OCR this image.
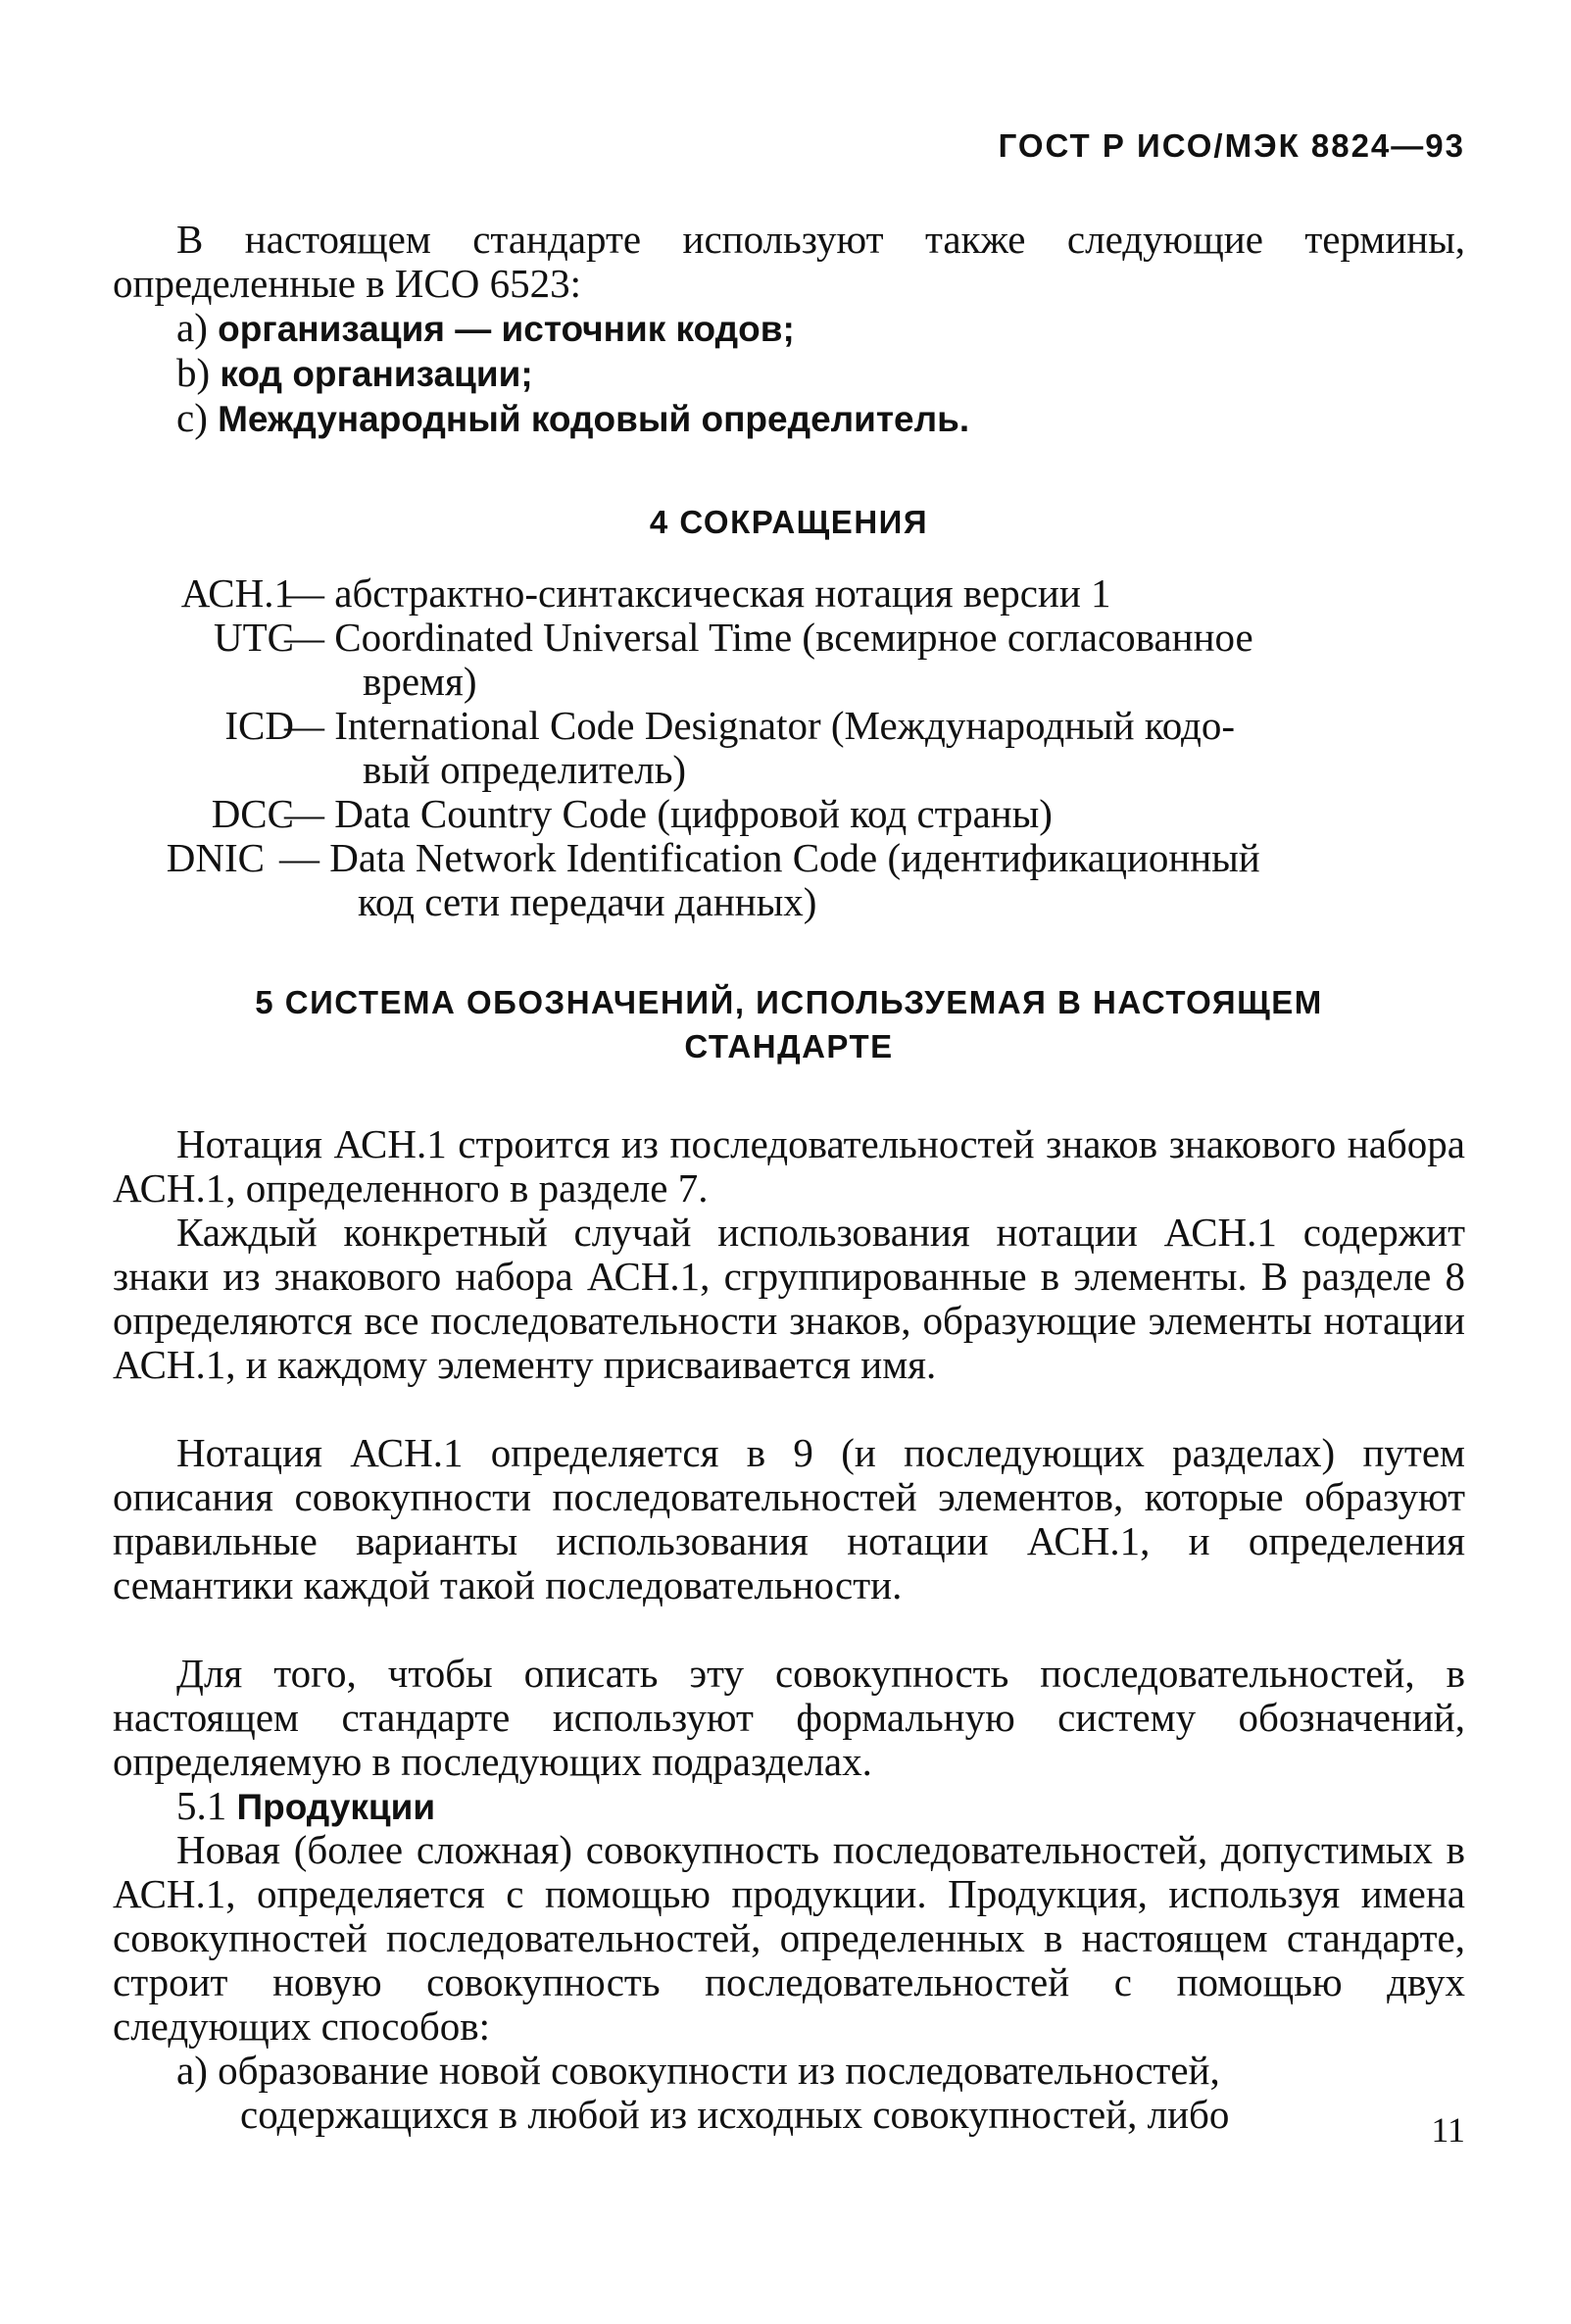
ГОСТ Р ИСО/МЭК 8824—93
В настоящем стандарте используют также следующие термины, определенные в ИСО 6523:
a) организация — источник кодов;
b) код организации;
c) Международный кодовый определитель.
4 СОКРАЩЕНИЯ
АСН.1
— абстрактно-синтаксическая нотация версии 1
UTC
— Coordinated Universal Time (всемирное согласованное
время)
ICD
— International Code Designator (Международный кодо-
вый определитель)
DCC
— Data Country Code (цифровой код страны)
DNIC — Data Network Identification Code (идентификационный
код сети передачи данных)
5 СИСТЕМА ОБОЗНАЧЕНИЙ, ИСПОЛЬЗУЕМАЯ В НАСТОЯЩЕМ
СТАНДАРТЕ
Нотация АСН.1 строится из последовательностей знаков знакового набора АСН.1, определенного в разделе 7.
Каждый конкретный случай использования нотации АСН.1 содержит знаки из знакового набора АСН.1, сгруппированные в элементы. В разделе 8 определяются все последовательности знаков, образующие элементы нотации АСН.1, и каждому элементу присваивается имя.
Нотация АСН.1 определяется в 9 (и последующих разделах) путем описания совокупности последовательностей элементов, которые образуют правильные варианты использования нотации АСН.1, и определения семантики каждой такой последовательности.
Для того, чтобы описать эту совокупность последовательностей, в настоящем стандарте используют формальную систему обозначений, определяемую в последующих подразделах.
5.1 Продукции
Новая (более сложная) совокупность последовательностей, допустимых в АСН.1, определяется с помощью продукции. Продукция, используя имена совокупностей последовательностей, определенных в настоящем стандарте, строит новую совокупность последовательностей с помощью двух следующих способов:
а) образование новой совокупности из последовательностей,
содержащихся в любой из исходных совокупностей, либо	11
